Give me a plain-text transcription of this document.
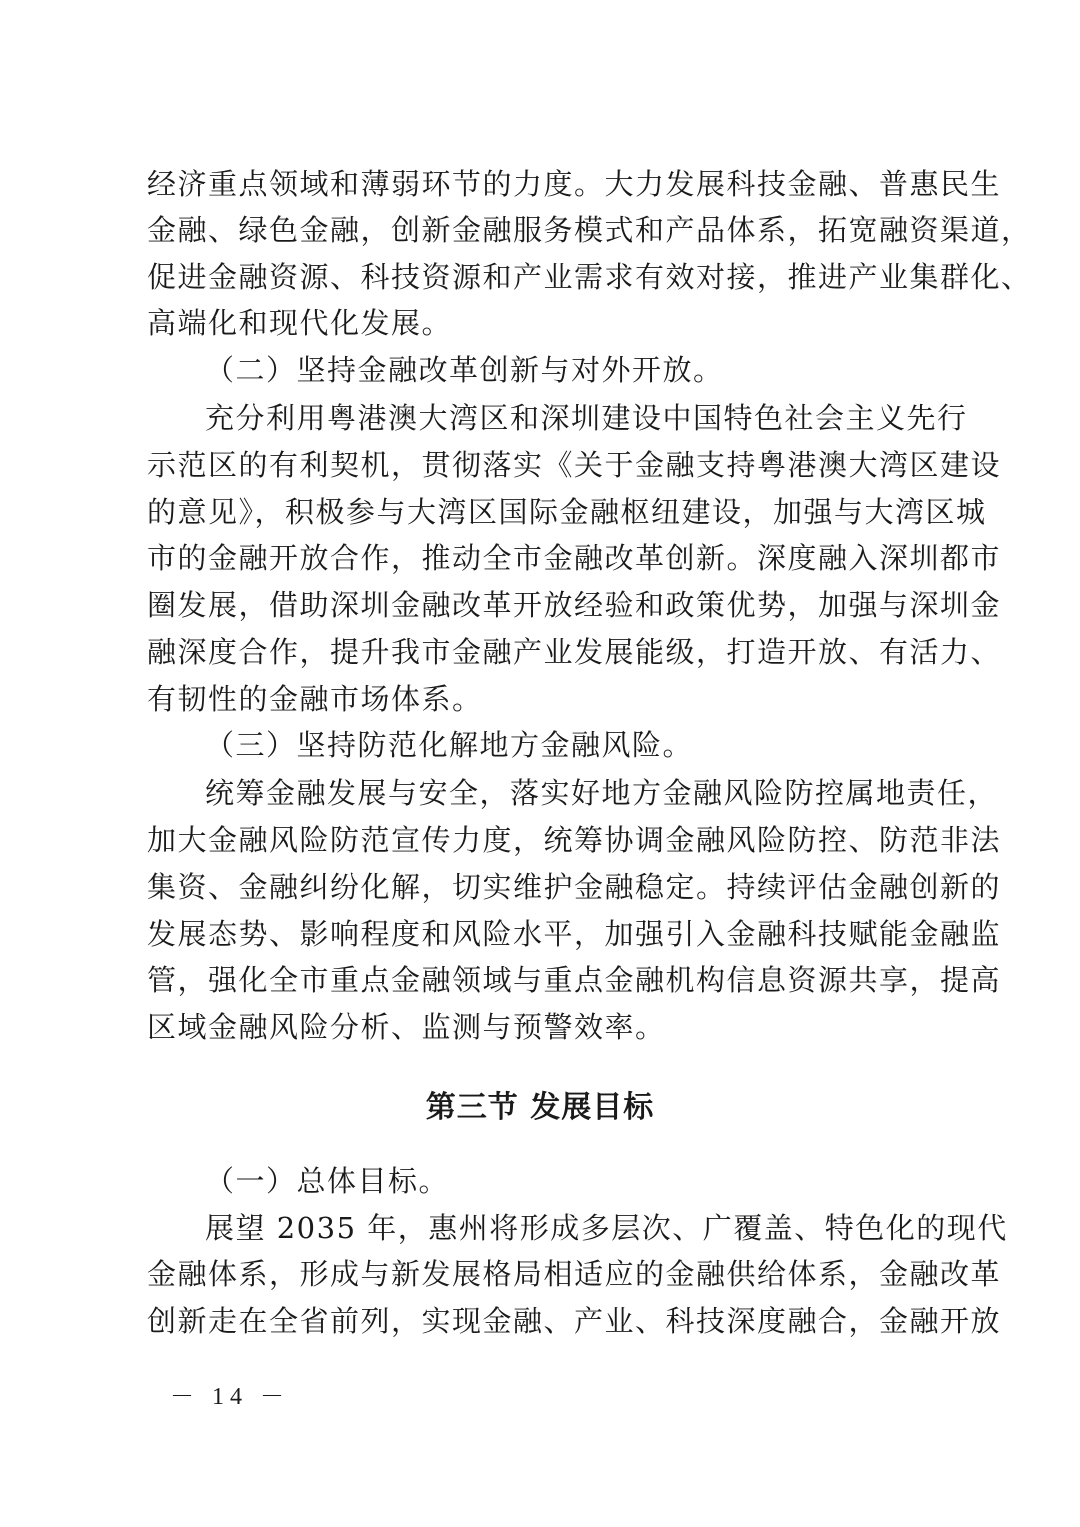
经济重点领域和薄弱环节的力度。大力发展科技金融、普惠民生
金融、绿色金融，创新金融服务模式和产品体系，拓宽融资渠道，
促进金融资源、科技资源和产业需求有效对接，推进产业集群化、
高端化和现代化发展。
（二）坚持金融改革创新与对外开放。
充分利用粤港澳大湾区和深圳建设中国特色社会主义先行
示范区的有利契机，贯彻落实《关于金融支持粤港澳大湾区建设
的意见》，积极参与大湾区国际金融枢纽建设，加强与大湾区城
市的金融开放合作，推动全市金融改革创新。深度融入深圳都市
圈发展，借助深圳金融改革开放经验和政策优势，加强与深圳金
融深度合作，提升我市金融产业发展能级，打造开放、有活力、
有韧性的金融市场体系。
（三）坚持防范化解地方金融风险。
统筹金融发展与安全，落实好地方金融风险防控属地责任，
加大金融风险防范宣传力度，统筹协调金融风险防控、防范非法
集资、金融纠纷化解，切实维护金融稳定。持续评估金融创新的
发展态势、影响程度和风险水平，加强引入金融科技赋能金融监
管，强化全市重点金融领域与重点金融机构信息资源共享，提高
区域金融风险分析、监测与预警效率。
第三节 发展目标
（一）总体目标。
展望 2035 年，惠州将形成多层次、广覆盖、特色化的现代
金融体系，形成与新发展格局相适应的金融供给体系，金融改革
创新走在全省前列，实现金融、产业、科技深度融合，金融开放
－ 14 －
